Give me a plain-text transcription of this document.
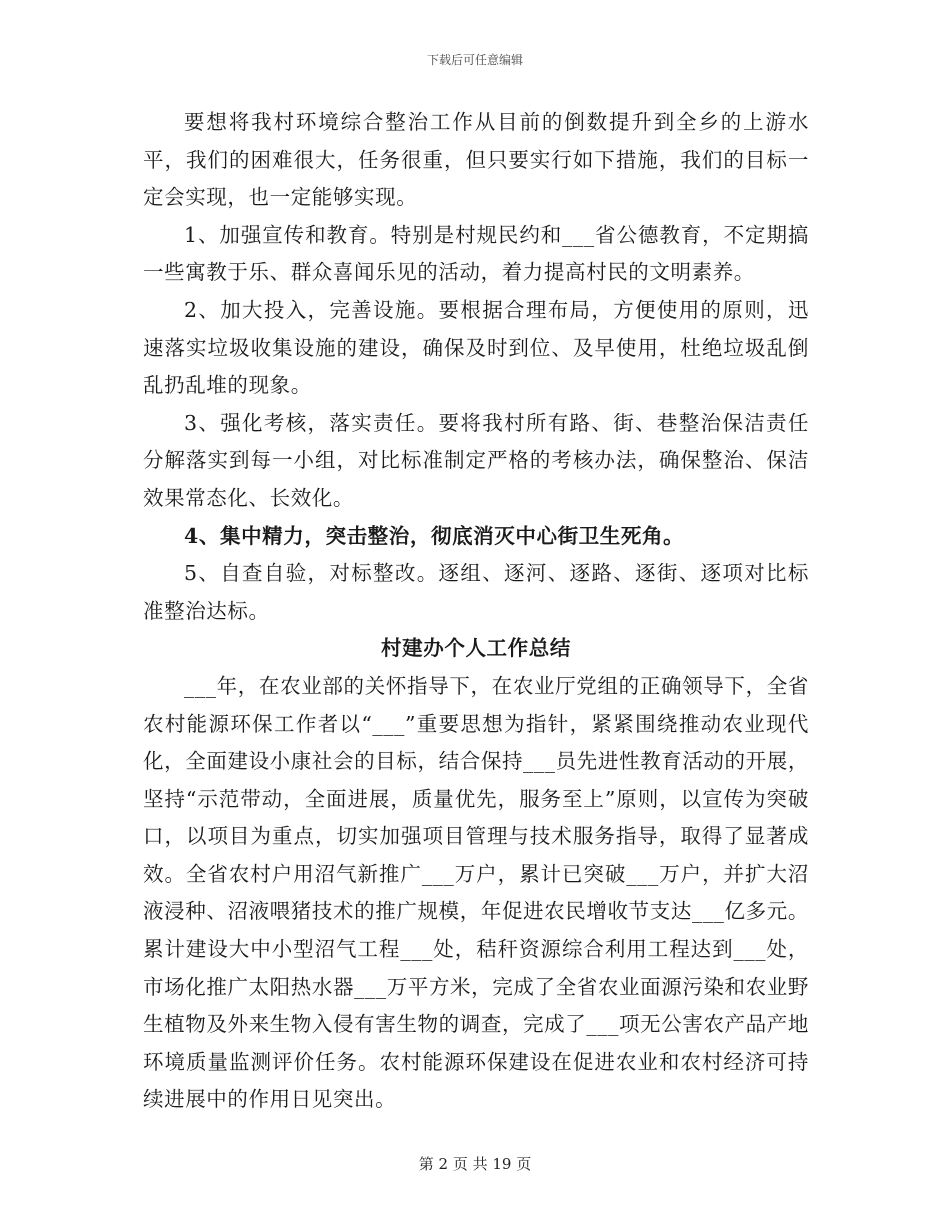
下载后可任意编辑

要想将我村环境综合整治工作从目前的倒数提升到全乡的上游水平，我们的困难很大，任务很重，但只要实行如下措施，我们的目标一定会实现，也一定能够实现。

1、加强宣传和教育。特别是村规民约和___省公德教育，不定期搞一些寓教于乐、群众喜闻乐见的活动，着力提高村民的文明素养。

2、加大投入，完善设施。要根据合理布局，方便使用的原则，迅速落实垃圾收集设施的建设，确保及时到位、及早使用，杜绝垃圾乱倒乱扔乱堆的现象。

3、强化考核，落实责任。要将我村所有路、街、巷整治保洁责任分解落实到每一小组，对比标准制定严格的考核办法，确保整治、保洁效果常态化、长效化。

4、集中精力，突击整治，彻底消灭中心街卫生死角。

5、自查自验，对标整改。逐组、逐河、逐路、逐街、逐项对比标准整治达标。

村建办个人工作总结

___年，在农业部的关怀指导下，在农业厅党组的正确领导下，全省农村能源环保工作者以“___”重要思想为指针，紧紧围绕推动农业现代化，全面建设小康社会的目标，结合保持___员先进性教育活动的开展，坚持“示范带动，全面进展，质量优先，服务至上”原则，以宣传为突破口，以项目为重点，切实加强项目管理与技术服务指导，取得了显著成效。全省农村户用沼气新推广___万户，累计已突破___万户，并扩大沼液浸种、沼液喂猪技术的推广规模，年促进农民增收节支达___亿多元。累计建设大中小型沼气工程___处，秸秆资源综合利用工程达到___处，市场化推广太阳热水器___万平方米，完成了全省农业面源污染和农业野生植物及外来生物入侵有害生物的调查，完成了___项无公害农产品产地环境质量监测评价任务。农村能源环保建设在促进农业和农村经济可持续进展中的作用日见突出。

第 2 页 共 19 页
